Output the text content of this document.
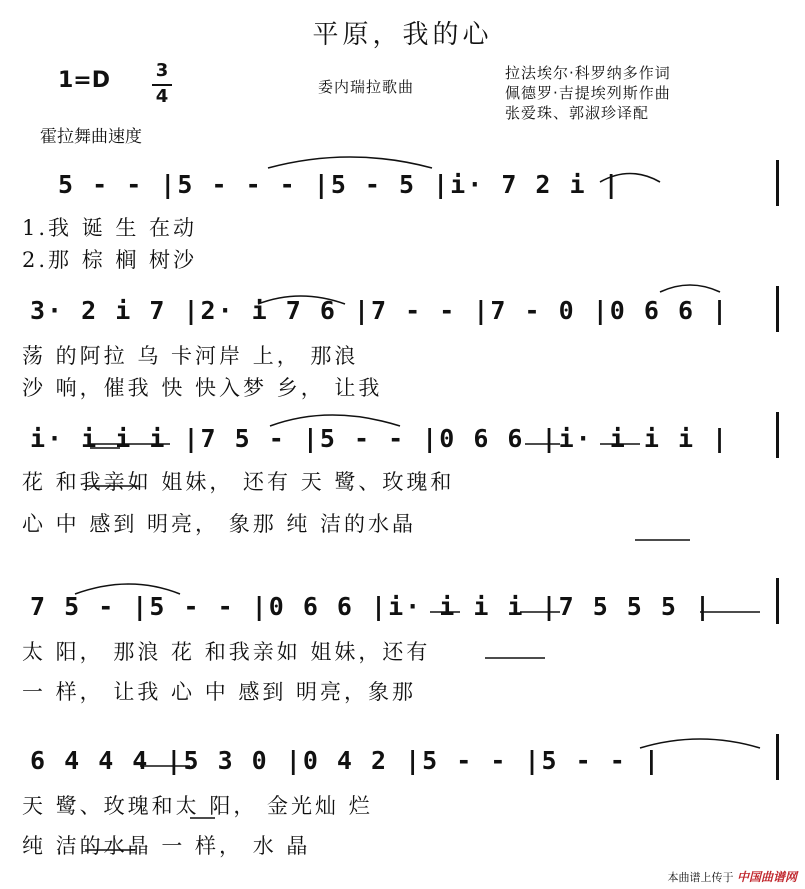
平原，我的心
1=D	3
4
霍拉舞曲速度
委内瑞拉歌曲
拉法埃尔·科罗纳多作词
佩德罗·吉提埃列斯作曲
张爱珠、郭淑珍译配
5 - - |5 - - - |5 - 5 |i· 7 2 i |
1.我 诞 生 在动
2.那 棕 榈 树沙
3· 2 i 7 |2· i 7 6 |7 - - |7 - 0 |0 6 6 |
荡 的阿拉 乌 卡河岸 上， 那浪
沙 响，催我 快 快入梦 乡， 让我
i· i i i |7 5 - |5 - - |0 6 6 |i· i i i |
花 和我亲如 姐妹， 还有 天 鹭、玫瑰和
心 中 感到 明亮， 象那 纯 洁的水晶
7 5 - |5 - - |0 6 6 |i· i i i |7 5 5 5 |
太 阳， 那浪 花 和我亲如 姐妹，还有
一 样， 让我 心 中 感到 明亮，象那
6 4 4 4 |5 3 0 |0 4 2 |5 - - |5 - - |
天 鹭、玫瑰和太 阳， 金光灿 烂
纯 洁的水晶 一 样， 水 晶
本曲谱上传于 中国曲谱网
